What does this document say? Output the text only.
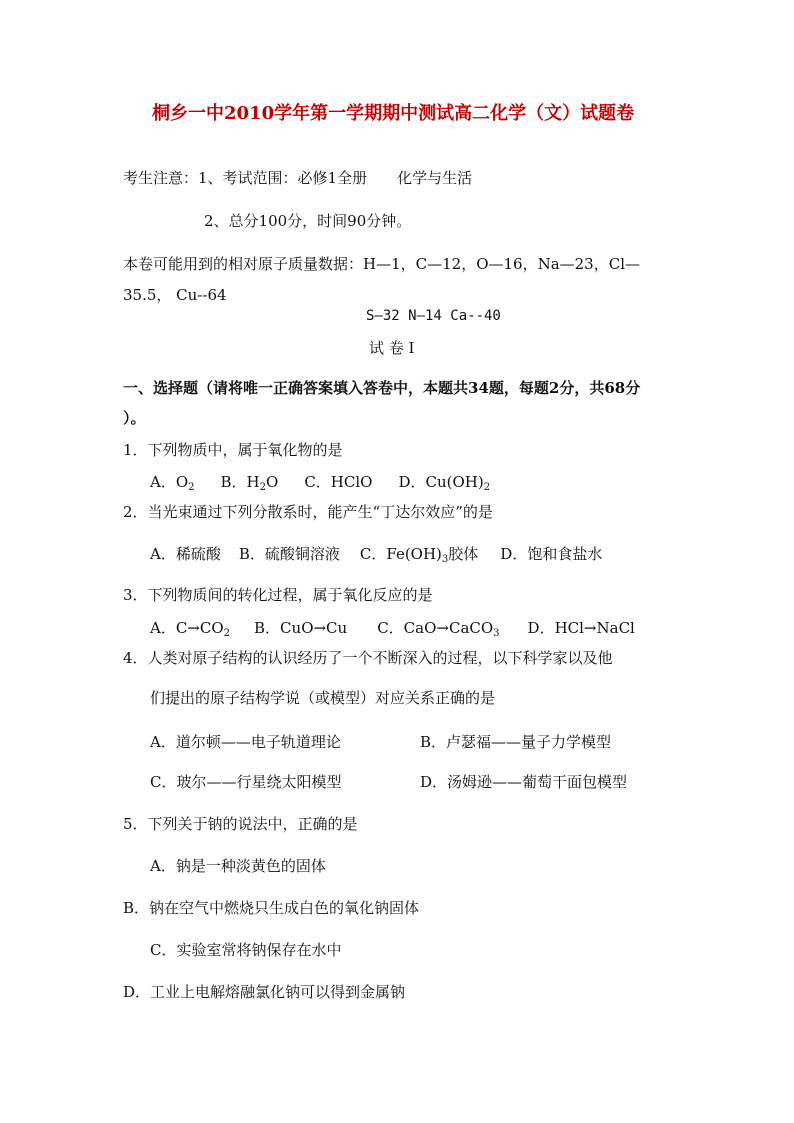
桐乡一中2010学年第一学期期中测试高二化学（文）试题卷
考生注意：1、考试范围：必修1全册 化学与生活
2、总分100分，时间90分钟。
本卷可能用到的相对原子质量数据：H—1，C—12，O—16，Na—23，Cl—
35.5， Cu--64
S—32 N—14 Ca--40
试 卷 I
一、选择题（请将唯一正确答案填入答卷中，本题共34题，每题2分，共68分
）。
1．下列物质中，属于氧化物的是
A．$O_2$ B．$H_2O$ C．HClO D．$Cu(OH)_2$
2．当光束通过下列分散系时，能产生“丁达尔效应”的是
A．稀硫酸 B．硫酸铜溶液 C．$Fe(OH)_3$胶体 D．饱和食盐水
3．下列物质间的转化过程，属于氧化反应的是
A．$C\to CO_2$ B．CuO→Cu C．CaO→CaCO$_3$ D．HCl→NaCl
4．人类对原子结构的认识经历了一个不断深入的过程，以下科学家以及他
们提出的原子结构学说（或模型）对应关系正确的是
A．道尔顿——电子轨道理论	B．卢瑟福——量子力学模型
C．玻尔——行星绕太阳模型	D．汤姆逊——葡萄干面包模型
5．下列关于钠的说法中，正确的是
A．钠是一种淡黄色的固体
B．钠在空气中燃烧只生成白色的氧化钠固体
C．实验室常将钠保存在水中
D．工业上电解熔融氯化钠可以得到金属钠
